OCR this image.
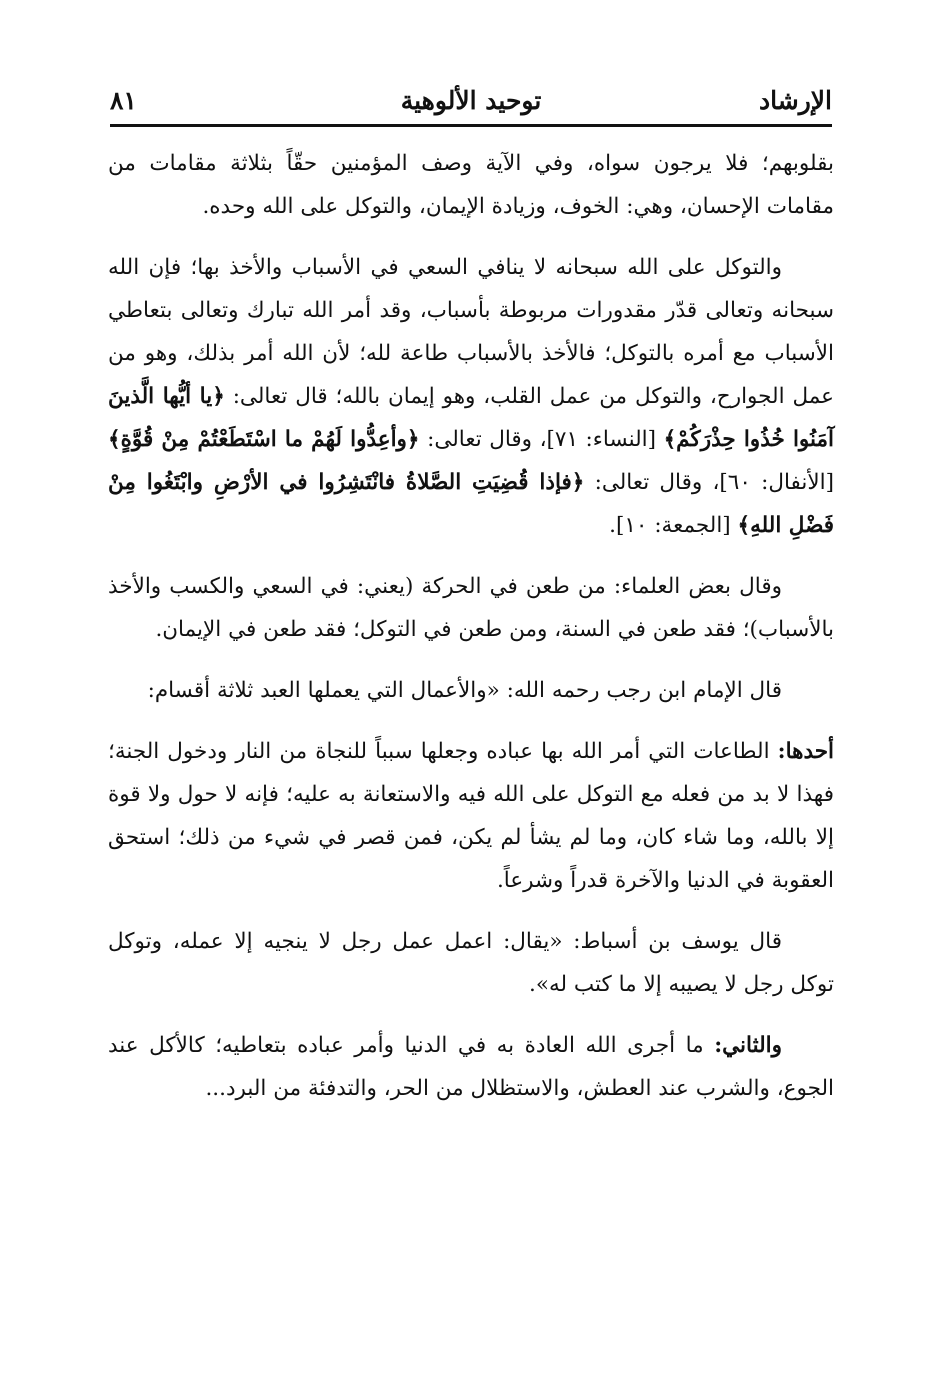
الإرشاد
توحيد الألوهية
٨١

بقلوبهم؛ فلا يرجون سواه، وفي الآية وصف المؤمنين حقّاً بثلاثة مقامات من مقامات الإحسان، وهي: الخوف، وزيادة الإيمان، والتوكل على الله وحده.

والتوكل على الله سبحانه لا ينافي السعي في الأسباب والأخذ بها؛ فإن الله سبحانه وتعالى قدّر مقدورات مربوطة بأسباب، وقد أمر الله تبارك وتعالى بتعاطي الأسباب مع أمره بالتوكل؛ فالأخذ بالأسباب طاعة لله؛ لأن الله أمر بذلك، وهو من عمل الجوارح، والتوكل من عمل القلب، وهو إيمان بالله؛ قال تعالى: ﴿يا أيُّها الَّذينَ آمَنُوا خُذُوا حِذْرَكُمْ﴾ [النساء: ٧١]، وقال تعالى: ﴿وأعِدُّوا لَهُمْ ما اسْتَطَعْتُمْ مِنْ قُوَّةٍ﴾ [الأنفال: ٦٠]، وقال تعالى: ﴿فإذا قُضِيَتِ الصَّلاةُ فانْتَشِرُوا في الأرْضِ وابْتَغُوا مِنْ فَضْلِ اللهِ﴾ [الجمعة: ١٠].

وقال بعض العلماء: من طعن في الحركة (يعني: في السعي والكسب والأخذ بالأسباب)؛ فقد طعن في السنة، ومن طعن في التوكل؛ فقد طعن في الإيمان.

قال الإمام ابن رجب رحمه الله: «والأعمال التي يعملها العبد ثلاثة أقسام:

أحدها: الطاعات التي أمر الله بها عباده وجعلها سبباً للنجاة من النار ودخول الجنة؛ فهذا لا بد من فعله مع التوكل على الله فيه والاستعانة به عليه؛ فإنه لا حول ولا قوة إلا بالله، وما شاء كان، وما لم يشأ لم يكن، فمن قصر في شيء من ذلك؛ استحق العقوبة في الدنيا والآخرة قدراً وشرعاً.

قال يوسف بن أسباط: «يقال: اعمل عمل رجل لا ينجيه إلا عمله، وتوكل توكل رجل لا يصيبه إلا ما كتب له».

والثاني: ما أجرى الله العادة به في الدنيا وأمر عباده بتعاطيه؛ كالأكل عند الجوع، والشرب عند العطش، والاستظلال من الحر، والتدفئة من البرد...
